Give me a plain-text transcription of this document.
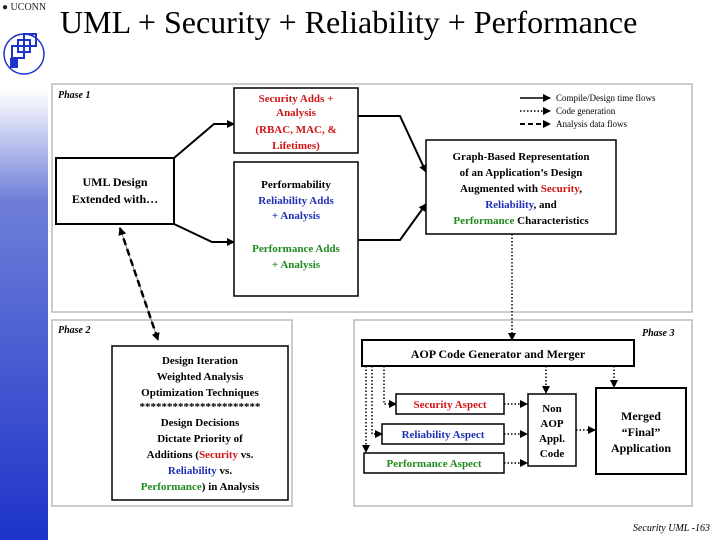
● UCONN UML + Security + Reliability + Performance
Phase 1
Phase 2	Phase 3
Compile/Design time flows
Code generation
Analysis data flows
Security Adds +
Analysis
(RBAC, MAC, &
Lifetimes)
UML Design
Extended with…
Performability
Reliability Adds
+ Analysis
Performance Adds
+ Analysis
Graph-Based Representation
of an Application’s Design
Augmented with Security,
Reliability, and
Performance Characteristics
Design Iteration
Weighted Analysis
Optimization Techniques
**********************
Design Decisions
Dictate Priority of
Additions (Security vs.
Reliability vs.
Performance) in Analysis
AOP Code Generator and Merger
Security Aspect
Reliability Aspect
Performance Aspect
Non
AOP
Appl.
Code
Merged
“Final”
Application
Security UML -163
